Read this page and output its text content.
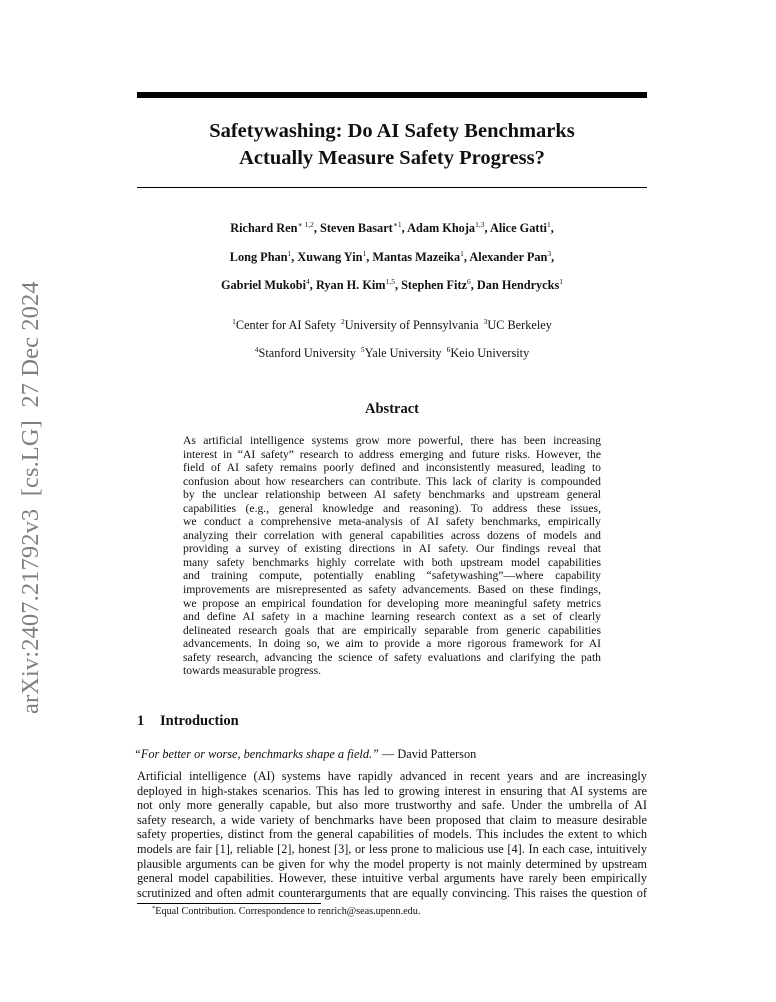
arXiv:2407.21792v3  [cs.LG]  27 Dec 2024
Safetywashing: Do AI Safety Benchmarks
Actually Measure Safety Progress?
Richard Ren$^{∗ 1,2}$, Steven Basart$^{∗1}$, Adam Khoja$^{1,3}$, Alice Gatti$^1$,
Long Phan$^1$, Xuwang Yin$^1$, Mantas Mazeika$^1$, Alexander Pan$^3$,
Gabriel Mukobi$^4$, Ryan H. Kim$^{1,5}$, Stephen Fitz$^6$, Dan Hendrycks$^1$
$^1$Center for AI Safety $^2$University of Pennsylvania $^3$UC Berkeley
$^4$Stanford University $^5$Yale University $^6$Keio University
Abstract
As artificial intelligence systems grow more powerful, there has been increasing
interest in “AI safety” research to address emerging and future risks. However, the
field of AI safety remains poorly defined and inconsistently measured, leading to
confusion about how researchers can contribute. This lack of clarity is compounded
by the unclear relationship between AI safety benchmarks and upstream general
capabilities (e.g., general knowledge and reasoning). To address these issues,
we conduct a comprehensive meta-analysis of AI safety benchmarks, empirically
analyzing their correlation with general capabilities across dozens of models and
providing a survey of existing directions in AI safety. Our findings reveal that
many safety benchmarks highly correlate with both upstream model capabilities
and training compute, potentially enabling “safetywashing”—where capability
improvements are misrepresented as safety advancements. Based on these findings,
we propose an empirical foundation for developing more meaningful safety metrics
and define AI safety in a machine learning research context as a set of clearly
delineated research goals that are empirically separable from generic capabilities
advancements. In doing so, we aim to provide a more rigorous framework for AI
safety research, advancing the science of safety evaluations and clarifying the path
towards measurable progress.
1 Introduction
“For better or worse, benchmarks shape a field.” — David Patterson
Artificial intelligence (AI) systems have rapidly advanced in recent years and are increasingly
deployed in high-stakes scenarios. This has led to growing interest in ensuring that AI systems are
not only more generally capable, but also more trustworthy and safe. Under the umbrella of AI
safety research, a wide variety of benchmarks have been proposed that claim to measure desirable
safety properties, distinct from the general capabilities of models. This includes the extent to which
models are fair [1], reliable [2], honest [3], or less prone to malicious use [4]. In each case, intuitively
plausible arguments can be given for why the model property is not mainly determined by upstream
general model capabilities. However, these intuitive verbal arguments have rarely been empirically
scrutinized and often admit counterarguments that are equally convincing. This raises the question of
*Equal Contribution. Correspondence to renrich@seas.upenn.edu.
